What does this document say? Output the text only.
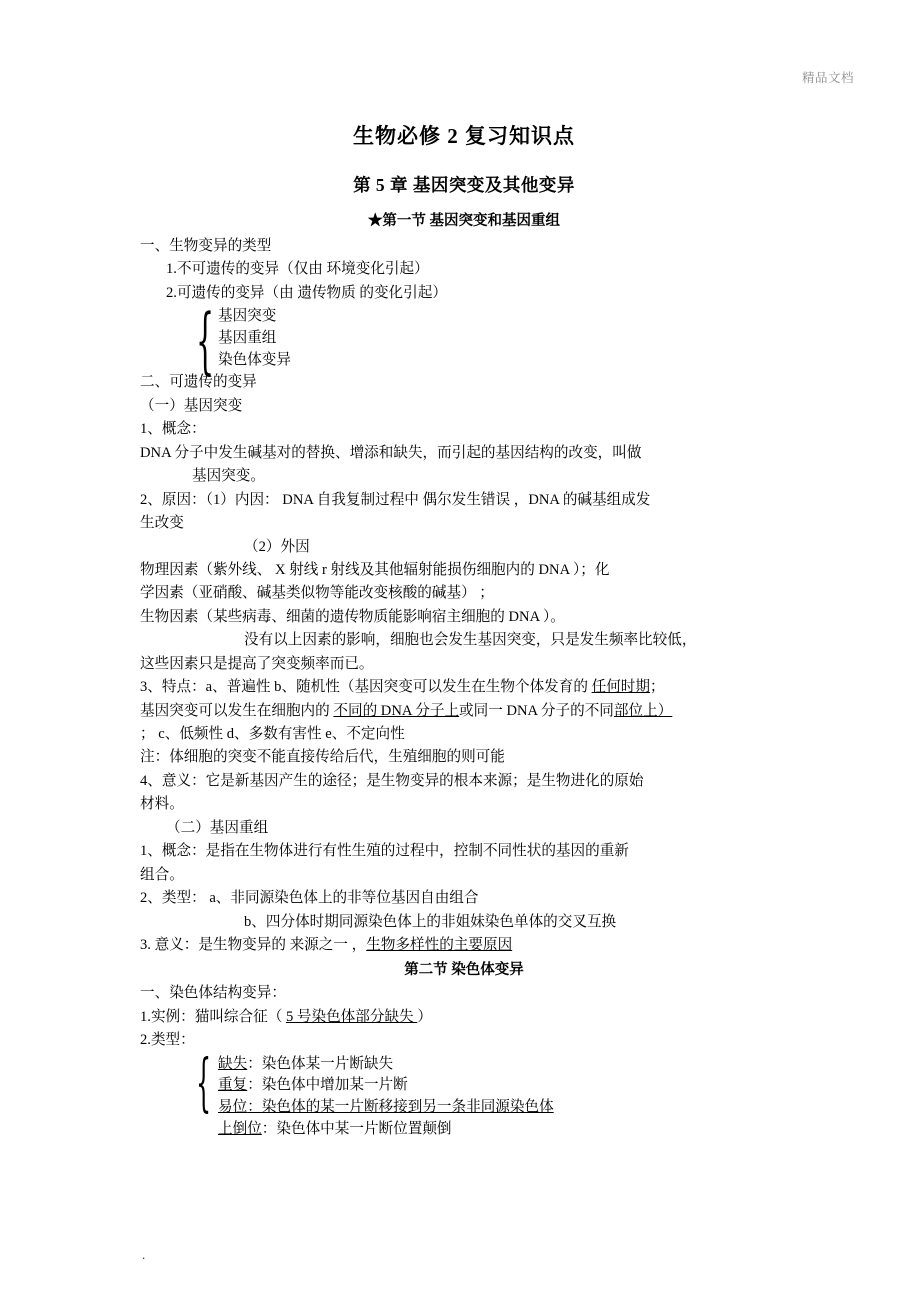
精品文档
生物必修 2 复习知识点
第 5 章 基因突变及其他变异
★第一节 基因突变和基因重组

一、生物变异的类型

1.不可遗传的变异（仅由 环境变化引起）

2.可遗传的变异（由 遗传物质 的变化引起）

{ 基因突变

基因重组

染色体变异

二、可遗传的变异

（一）基因突变

1、概念：

DNA 分子中发生碱基对的替换、增添和缺失，而引起的基因结构的改变，叫做

基因突变。

2、原因：（1）内因： DNA 自我复制过程中 偶尔发生错误 ，DNA 的碱基组成发

生改变

（2）外因

物理因素（紫外线、 X 射线 r 射线及其他辐射能损伤细胞内的 DNA ）；化

学因素（亚硝酸、碱基类似物等能改变核酸的碱基） ；

生物因素（某些病毒、细菌的遗传物质能影响宿主细胞的 DNA ）。

没有以上因素的影响，细胞也会发生基因突变，只是发生频率比较低，

这些因素只是提高了突变频率而已。

3、特点：a、普遍性 b、随机性（基因突变可以发生在生物个体发育的 任何时期；

基因突变可以发生在细胞内的 不同的 DNA 分子上或同一 DNA 分子的不同部位上）

； c、低频性 d、多数有害性 e、不定向性

注：体细胞的突变不能直接传给后代，生殖细胞的则可能

4、意义：它是新基因产生的途径；是生物变异的根本来源；是生物进化的原始

材料。

（二）基因重组

1、概念：是指在生物体进行有性生殖的过程中，控制不同性状的基因的重新

组合。

2、类型： a、非同源染色体上的非等位基因自由组合

b、四分体时期同源染色体上的非姐妹染色单体的交叉互换

3. 意义：是生物变异的 来源之一 ，生物多样性的主要原因

第二节 染色体变异

一、染色体结构变异：

1.实例：猫叫综合征（ 5 号染色体部分缺失 ）

2.类型：

{ 缺失：染色体某一片断缺失

重复：染色体中增加某一片断

易位：染色体的某一片断移接到另一条非同源染色体

上倒位：染色体中某一片断位置颠倒

.
